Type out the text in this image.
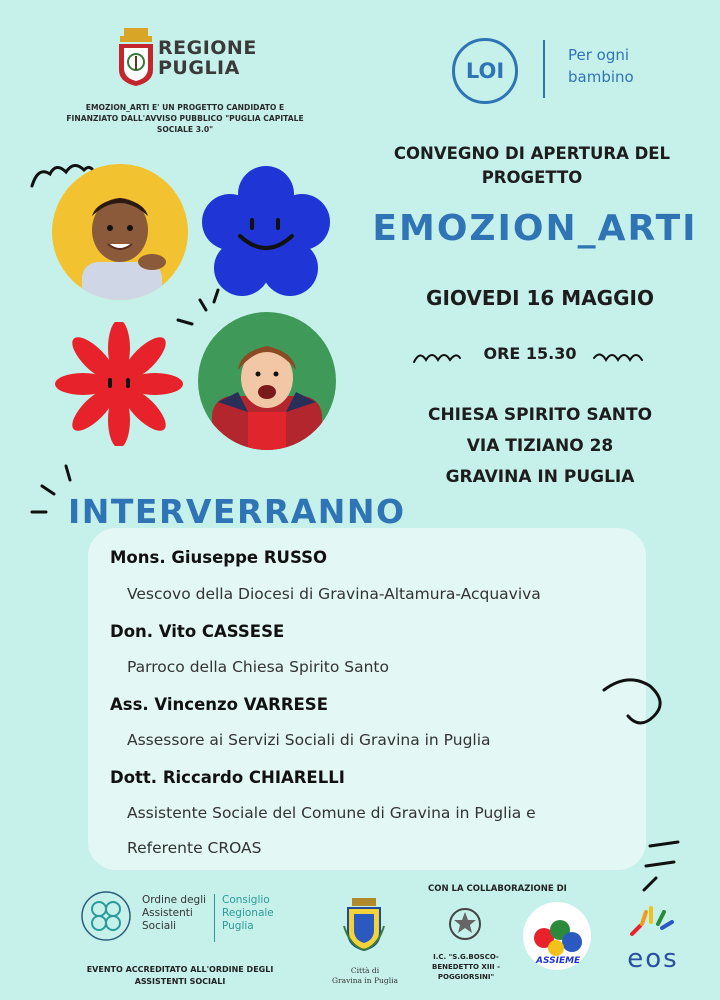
REGIONE
PUGLIA
EMOZION_ARTI E' UN PROGETTO CANDIDATO E FINANZIATO DALL'AVVISO PUBBLICO "PUGLIA CAPITALE SOCIALE 3.0"
LOI
Per ogni
bambino
CONVEGNO DI APERTURA DEL
PROGETTO
EMOZION_ARTI
GIOVEDI 16 MAGGIO
ORE 15.30
CHIESA SPIRITO SANTO
VIA TIZIANO 28
GRAVINA IN PUGLIA
INTERVERRANNO
Mons. Giuseppe RUSSO
Vescovo della Diocesi di Gravina-Altamura-Acquaviva
Don. Vito CASSESE
Parroco della Chiesa Spirito Santo
Ass. Vincenzo VARRESE
Assessore ai Servizi Sociali di Gravina in Puglia
Dott. Riccardo CHIARELLI
Assistente Sociale del Comune di Gravina in Puglia e
Referente CROAS
Ordine degli
Assistenti
Sociali
Consiglio
Regionale
Puglia
EVENTO ACCREDITATO ALL'ORDINE DEGLI
ASSISTENTI SOCIALI
Città di
Gravina in Puglia
CON LA COLLABORAZIONE DI
I.C. "S.G.BOSCO-
BENEDETTO XIII -
POGGIORSINI"
ASSIEME eos
